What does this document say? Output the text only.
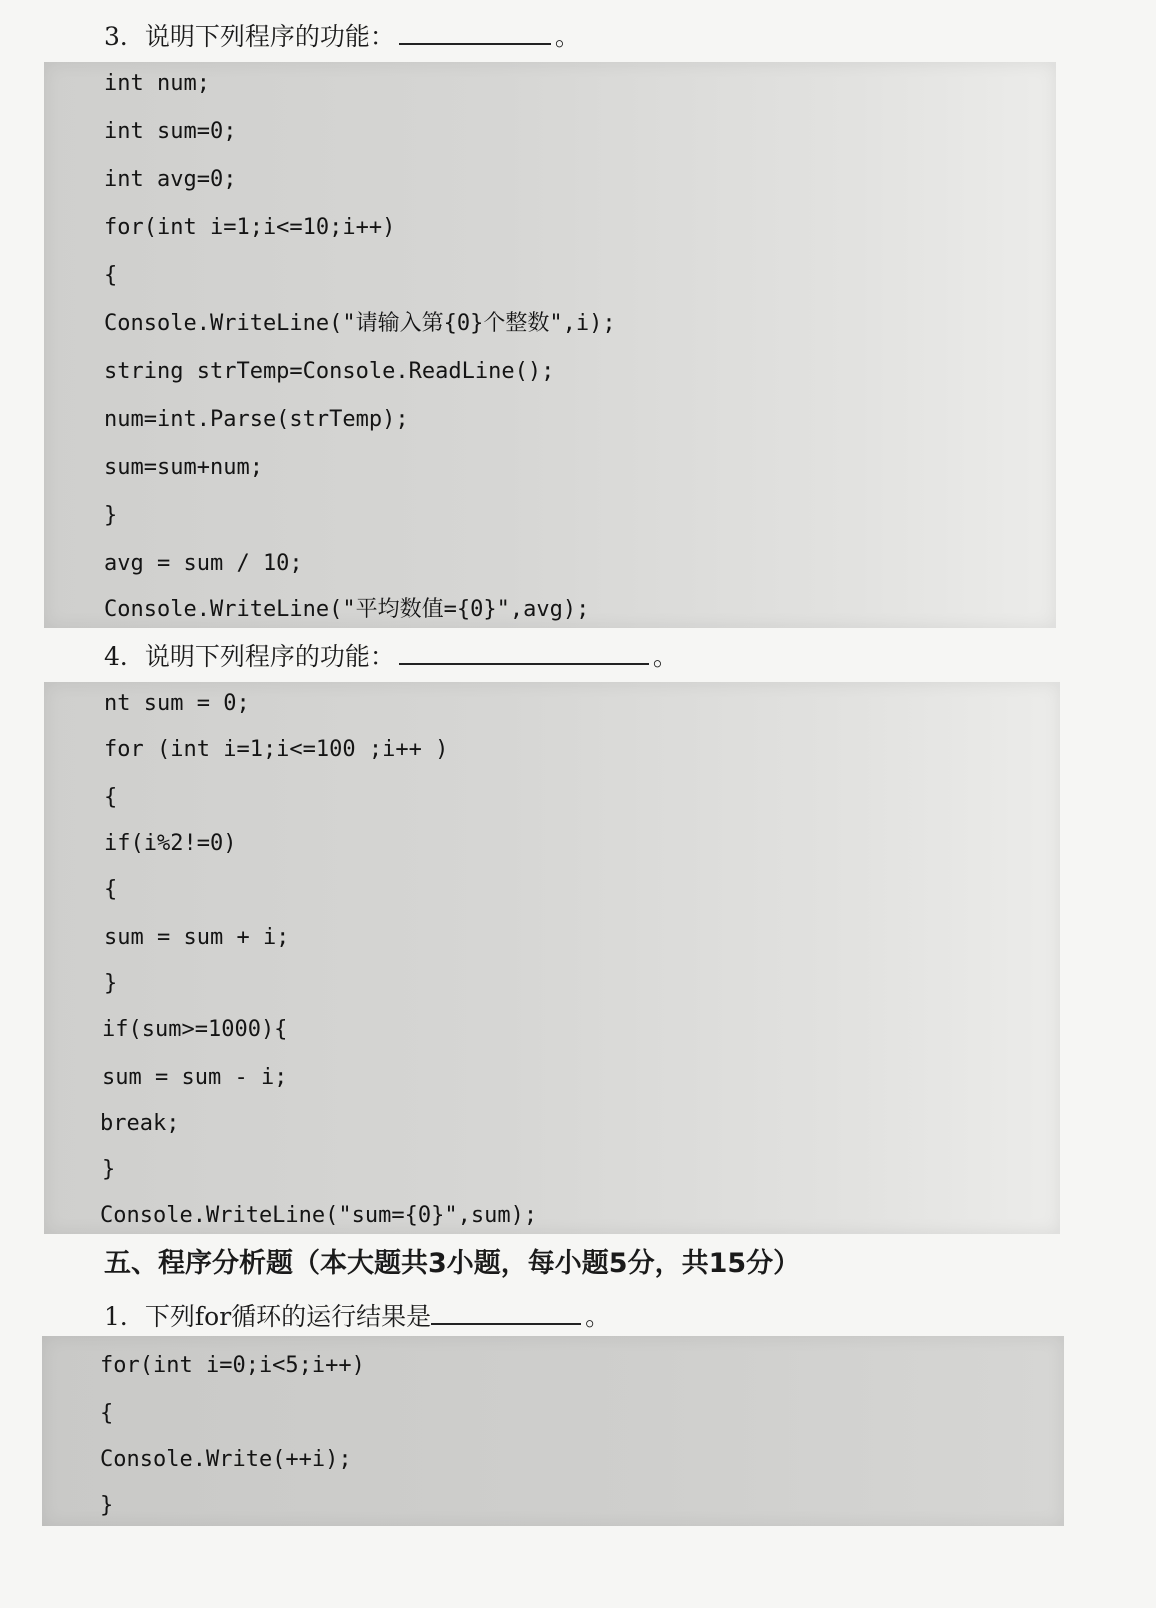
3．说明下列程序的功能：	。
int num;
int sum=0;
int avg=0;
for(int i=1;i<=10;i++)
{
Console.WriteLine("请输入第{0}个整数",i);
string strTemp=Console.ReadLine();
num=int.Parse(strTemp);
sum=sum+num;
}
avg = sum / 10;
Console.WriteLine("平均数值={0}",avg);
4．说明下列程序的功能：	。
nt sum = 0;
for (int i=1;i<=100 ;i++ )
{
if(i%2!=0)
{
sum = sum + i;
}
if(sum>=1000){
sum = sum - i;
break;
}
Console.WriteLine("sum={0}",sum);
五、程序分析题（本大题共3小题，每小题5分，共15分）
1．下列for循环的运行结果是	。
for(int i=0;i<5;i++)
{
Console.Write(++i);
}
